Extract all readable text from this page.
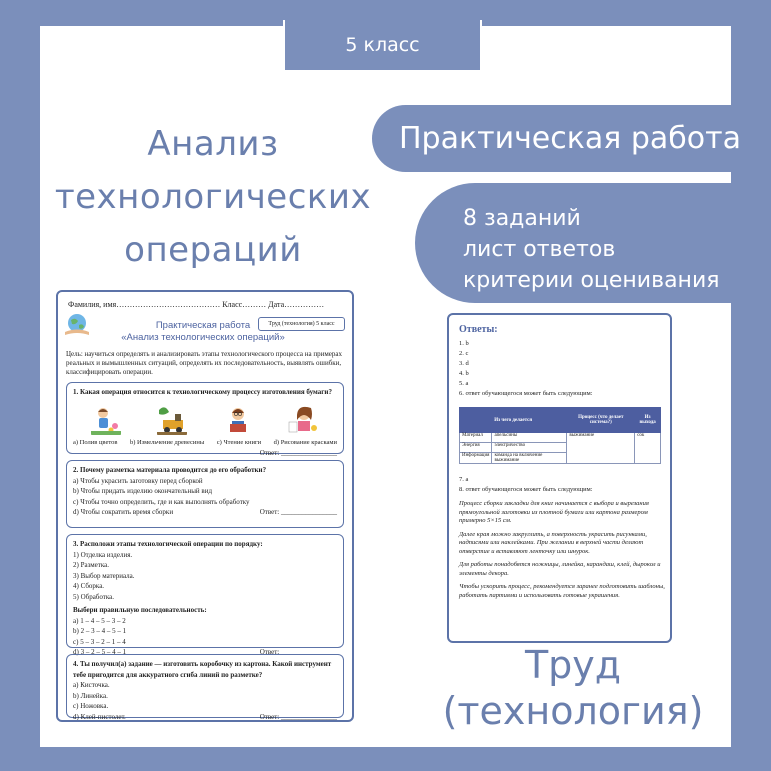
5 класс
Анализ технологических операций
Практическая работа
8 заданий
лист ответов
критерии оценивания
Труд (технология)
Фамилия, имя………………………………… Класс……… Дата……………
Практическая работа
«Анализ технологических операций»
Труд (технология) 5 класс
Цель: научиться определять и анализировать этапы технологического процесса на примерах реальных и вымышленных ситуаций, определять их последовательность, выявлять ошибки, классифицировать операции.
1. Какая операция относится к технологическому процессу изготовления бумаги?
а) Полив цветов b) Измельчение древесины c) Чтение книги d) Рисование красками
Ответ: ________________
2. Почему разметка материала проводится до его обработки?
а) Чтобы украсить заготовку перед сборкой
b) Чтобы придать изделию окончательный вид
c) Чтобы точно определить, где и как выполнять обработку
d) Чтобы сократить время сборки	Ответ: ________________
3. Расположи этапы технологической операции по порядку:
1) Отделка изделия.
2) Разметка.
3) Выбор материала.
4) Сборка.
5) Обработка.
Выбери правильную последовательность:
а) 1 – 4 – 5 – 3 – 2
b) 2 – 3 – 4 – 5 – 1
c) 5 – 3 – 2 – 1 – 4
d) 3 – 2 – 5 – 4 – 1	Ответ: ________________
4. Ты получил(а) задание — изготовить коробочку из картона. Какой инструмент тебе пригодится для аккуратного сгиба линий по разметке?
а) Кисточка.
b) Линейка.
c) Ножовка.
d) Клей-пистолет.	Ответ: ________________
Ответы:
1. b
2. c
3. d
4. b
5. a
6. ответ обучающегося может быть следующим:
Из чего делается		Процесс (что делает система?)	Из выхода
Материал	апельсины	выжимание	сок
Энергия	электричество		
Информация	команда на включение выжимание		
7. a
8. ответ обучающегося может быть следующим:

Процесс сборки закладки для книг начинается с выбора и вырезания прямоугольной заготовки из плотной бумаги или картона размером примерно 5×15 см.

Далее края можно закруглить, а поверхность украсить рисунками, надписями или наклейками. При желании в верхней части делают отверстие и вставляют ленточку или шнурок.

Для работы понадобятся ножницы, линейка, карандаш, клей, дырокол и элементы декора.

Чтобы ускорить процесс, рекомендуется заранее подготовить шаблоны, работать партиями и использовать готовые украшения.
